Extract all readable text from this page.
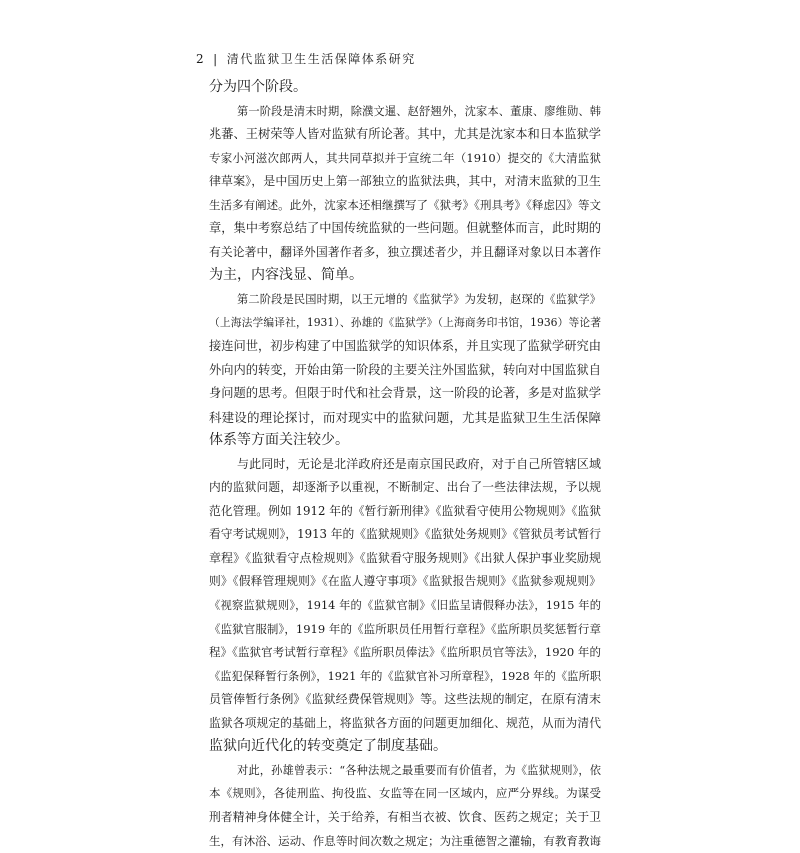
2 | 清代监狱卫生生活保障体系研究
分为四个阶段。
第一阶段是清末时期，除濮文暹、赵舒翘外，沈家本、董康、廖维勋、韩
兆蕃、王树荣等人皆对监狱有所论著。其中，尤其是沈家本和日本监狱学
专家小河滋次郎两人，其共同草拟并于宣统二年（1910）提交的《大清监狱
律草案》，是中国历史上第一部独立的监狱法典，其中，对清末监狱的卫生
生活多有阐述。此外，沈家本还相继撰写了《狱考》《刑具考》《释虑囚》等文
章，集中考察总结了中国传统监狱的一些问题。但就整体而言，此时期的
有关论著中，翻译外国著作者多，独立撰述者少，并且翻译对象以日本著作
为主，内容浅显、简单。
第二阶段是民国时期，以王元增的《监狱学》为发轫，赵琛的《监狱学》
（上海法学编译社，1931）、孙雄的《监狱学》（上海商务印书馆，1936）等论著
接连问世，初步构建了中国监狱学的知识体系，并且实现了监狱学研究由
外向内的转变，开始由第一阶段的主要关注外国监狱，转向对中国监狱自
身问题的思考。但限于时代和社会背景，这一阶段的论著，多是对监狱学
科建设的理论探讨，而对现实中的监狱问题，尤其是监狱卫生生活保障
体系等方面关注较少。
与此同时，无论是北洋政府还是南京国民政府，对于自己所管辖区域
内的监狱问题，却逐渐予以重视，不断制定、出台了一些法律法规，予以规
范化管理。例如 1912 年的《暂行新刑律》《监狱看守使用公物规则》《监狱
看守考试规则》，1913 年的《监狱规则》《监狱处务规则》《管狱员考试暂行
章程》《监狱看守点检规则》《监狱看守服务规则》《出狱人保护事业奖励规
则》《假释管理规则》《在监人遵守事项》《监狱报告规则》《监狱参观规则》
《视察监狱规则》，1914 年的《监狱官制》《旧监呈请假释办法》，1915 年的
《监狱官服制》，1919 年的《监所职员任用暂行章程》《监所职员奖惩暂行章
程》《监狱官考试暂行章程》《监所职员俸法》《监所职员官等法》，1920 年的
《监犯保释暂行条例》，1921 年的《监狱官补习所章程》，1928 年的《监所职
员管俸暂行条例》《监狱经费保管规则》等。这些法规的制定，在原有清末
监狱各项规定的基础上，将监狱各方面的问题更加细化、规范，从而为清代
监狱向近代化的转变奠定了制度基础。
对此，孙雄曾表示：“各种法规之最重要而有价值者，为《监狱规则》，依
本《规则》，各徒刑监、拘役监、女监等在同一区域内，应严分界线。为谋受
刑者精神身体健全计，关于给养，有相当衣被、饮食、医药之规定；关于卫
生，有沐浴、运动、作息等时间次数之规定；为注重德智之灌输，有教育教诲
